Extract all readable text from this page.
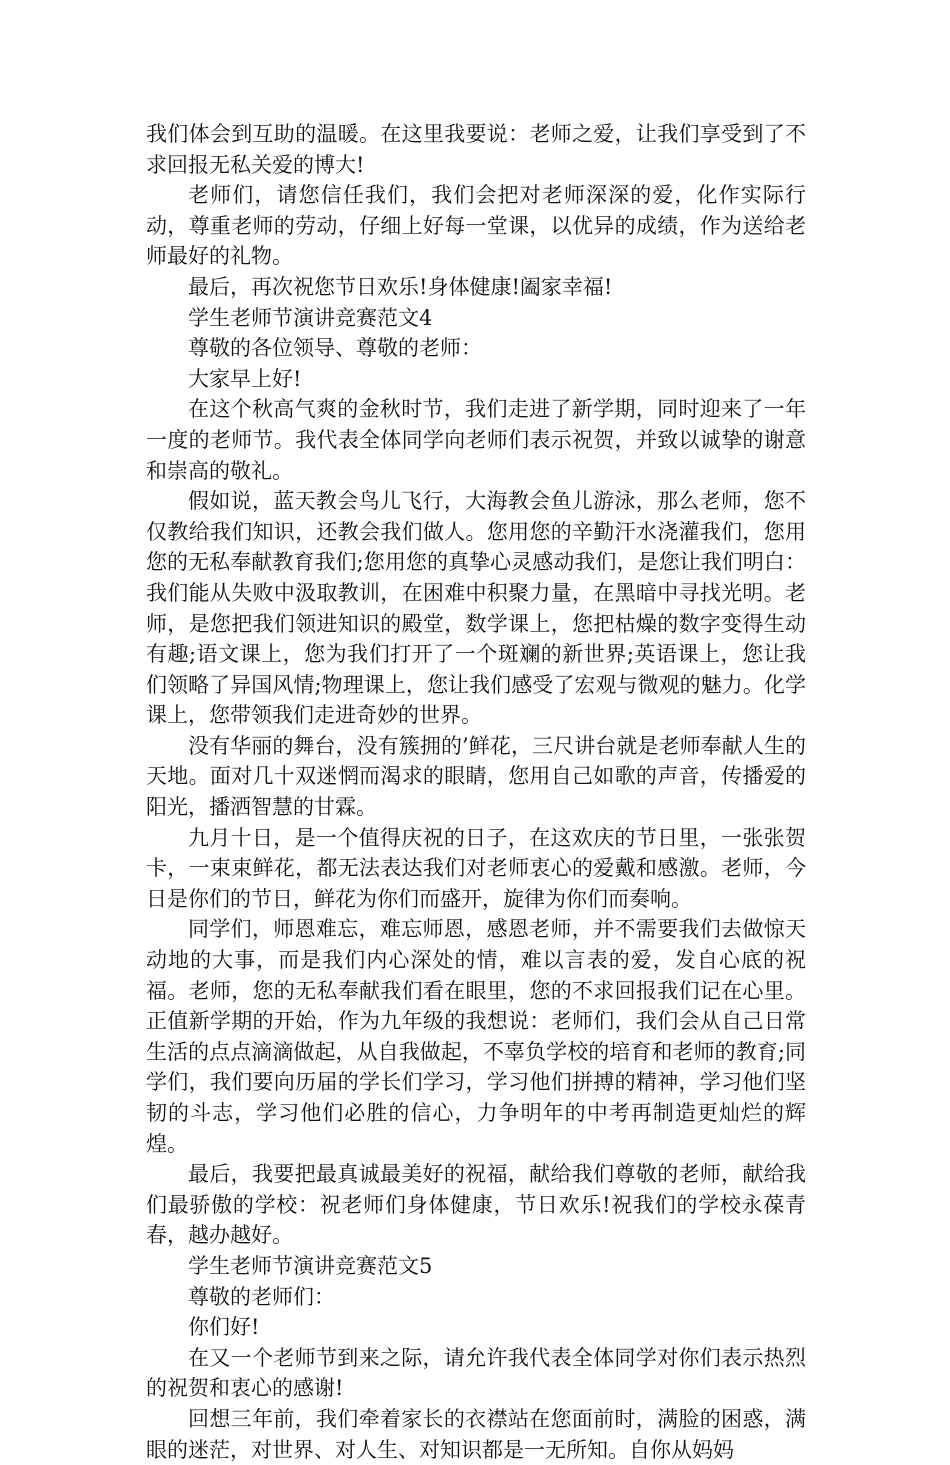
我们体会到互助的温暖。在这里我要说：老师之爱，让我们享受到了不求回报无私关爱的博大!

老师们，请您信任我们，我们会把对老师深深的爱，化作实际行动，尊重老师的劳动，仔细上好每一堂课，以优异的成绩，作为送给老师最好的礼物。

最后，再次祝您节日欢乐!身体健康!阖家幸福!

学生老师节演讲竞赛范文4

尊敬的各位领导、尊敬的老师：

大家早上好!

在这个秋高气爽的金秋时节，我们走进了新学期，同时迎来了一年一度的老师节。我代表全体同学向老师们表示祝贺，并致以诚挚的谢意和崇高的敬礼。

假如说，蓝天教会鸟儿飞行，大海教会鱼儿游泳，那么老师，您不仅教给我们知识，还教会我们做人。您用您的辛勤汗水浇灌我们，您用您的无私奉献教育我们;您用您的真挚心灵感动我们，是您让我们明白：我们能从失败中汲取教训，在困难中积聚力量，在黑暗中寻找光明。老师，是您把我们领进知识的殿堂，数学课上，您把枯燥的数字变得生动有趣;语文课上，您为我们打开了一个斑斓的新世界;英语课上，您让我们领略了异国风情;物理课上，您让我们感受了宏观与微观的魅力。化学课上，您带领我们走进奇妙的世界。

没有华丽的舞台，没有簇拥的’鲜花，三尺讲台就是老师奉献人生的天地。面对几十双迷惘而渴求的眼睛，您用自己如歌的声音，传播爱的阳光，播洒智慧的甘霖。

九月十日，是一个值得庆祝的日子，在这欢庆的节日里，一张张贺卡，一束束鲜花，都无法表达我们对老师衷心的爱戴和感激。老师，今日是你们的节日，鲜花为你们而盛开，旋律为你们而奏响。

同学们，师恩难忘，难忘师恩，感恩老师，并不需要我们去做惊天动地的大事，而是我们内心深处的情，难以言表的爱，发自心底的祝福。老师，您的无私奉献我们看在眼里，您的不求回报我们记在心里。正值新学期的开始，作为九年级的我想说：老师们，我们会从自己日常生活的点点滴滴做起，从自我做起，不辜负学校的培育和老师的教育;同学们，我们要向历届的学长们学习，学习他们拼搏的精神，学习他们坚韧的斗志，学习他们必胜的信心，力争明年的中考再制造更灿烂的辉煌。

最后，我要把最真诚最美好的祝福，献给我们尊敬的老师，献给我们最骄傲的学校：祝老师们身体健康，节日欢乐!祝我们的学校永葆青春，越办越好。

学生老师节演讲竞赛范文5

尊敬的老师们：

你们好!

在又一个老师节到来之际，请允许我代表全体同学对你们表示热烈的祝贺和衷心的感谢!

回想三年前，我们牵着家长的衣襟站在您面前时，满脸的困惑，满眼的迷茫，对世界、对人生、对知识都是一无所知。自你从妈妈
